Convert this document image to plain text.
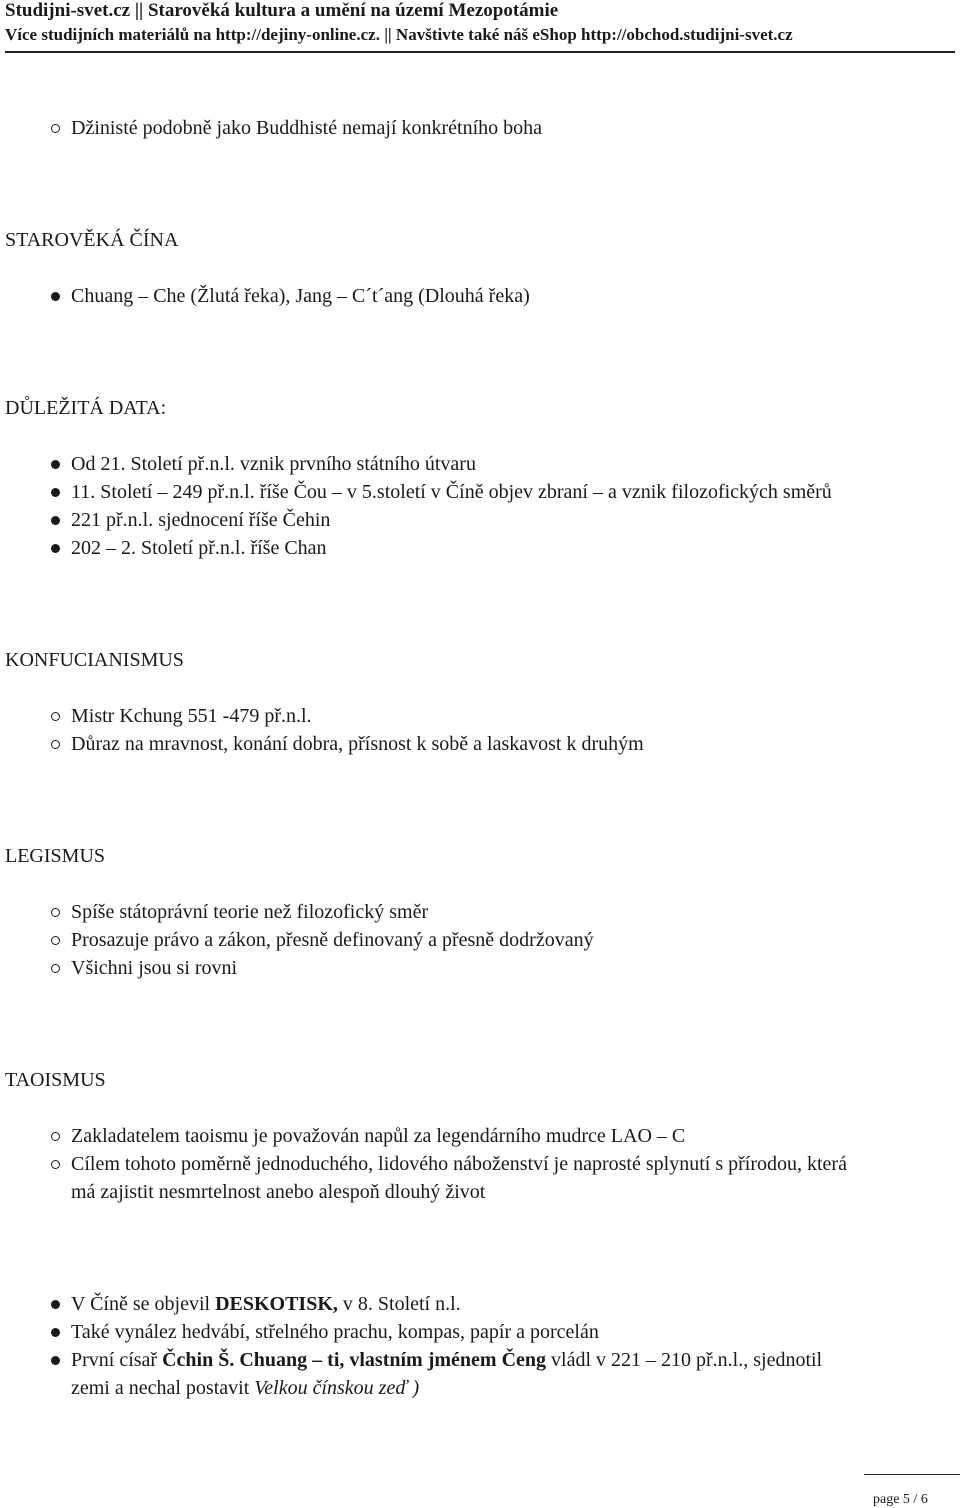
Studijni-svet.cz || Starověká kultura a umění na území Mezopotámie
Více studijních materiálů na http://dejiny-online.cz. || Navštivte také náš eShop http://obchod.studijni-svet.cz
Džinisté podobně jako Buddhisté nemají konkrétního boha
STAROVĚKÁ ČÍNA
Chuang – Che (Žlutá řeka), Jang – C´t´ang (Dlouhá řeka)
DŮLEŽITÁ DATA:
Od 21. Století př.n.l. vznik prvního státního útvaru
11. Století – 249 př.n.l. říše Čou – v 5.století v Číně objev zbraní – a vznik filozofických směrů
221 př.n.l. sjednocení říše Čehin
202 – 2. Století př.n.l. říše Chan
KONFUCIANISMUS
Mistr Kchung 551 -479 př.n.l.
Důraz na mravnost, konání dobra, přísnost k sobě a laskavost k druhým
LEGISMUS
Spíše státoprávní teorie než filozofický směr
Prosazuje právo a zákon, přesně definovaný a přesně dodržovaný
Všichni jsou si rovni
TAOISMUS
Zakladatelem taoismu je považován napůl za legendárního mudrce LAO – C
Cílem tohoto poměrně jednoduchého, lidového náboženství je naprosté splynutí s přírodou, která
má zajistit nesmrtelnost anebo alespoň dlouhý život
V Číně se objevil DESKOTISK, v 8. Století n.l.
Také vynález hedvábí, střelného prachu, kompas, papír a porcelán
První císař Čchin Š. Chuang – ti, vlastním jménem Čeng vládl v 221 – 210 př.n.l., sjednotil
zemi a nechal postavit Velkou čínskou zeď )
page 5 / 6
